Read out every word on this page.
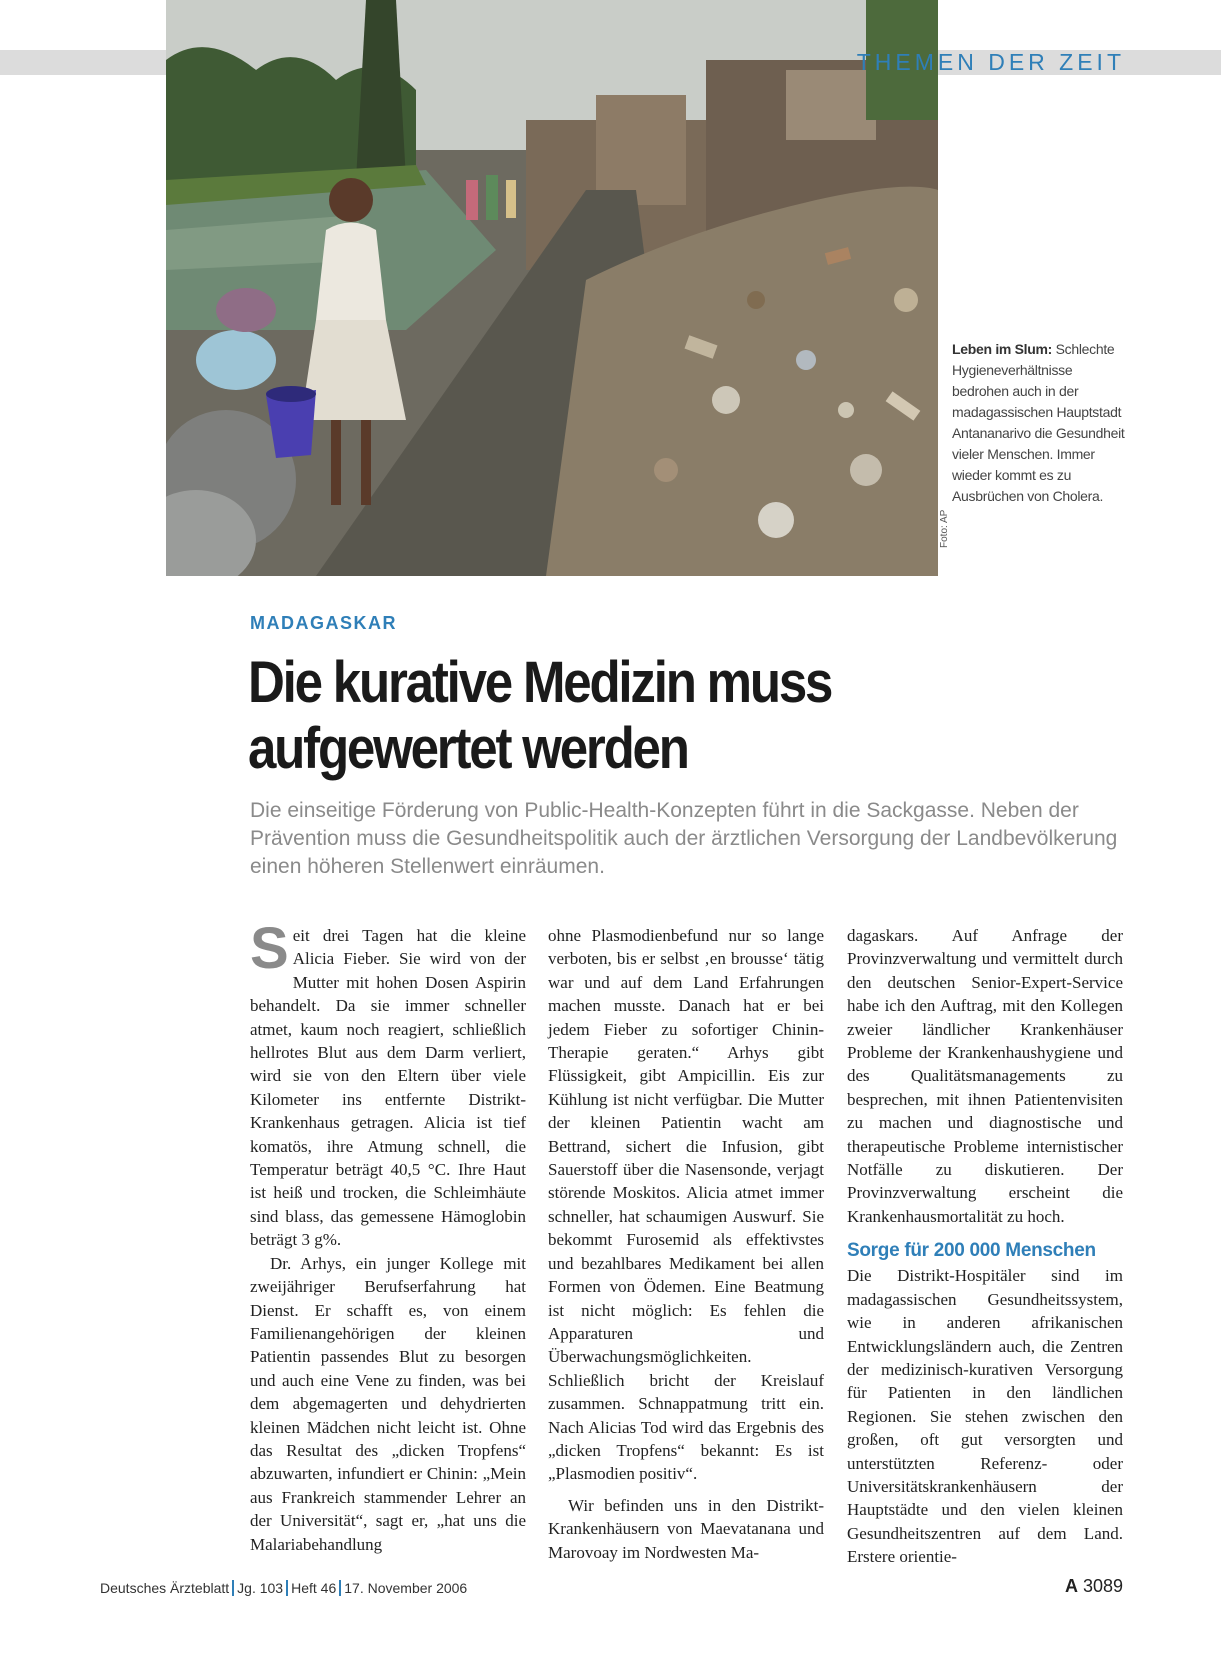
THEMEN DER ZEIT
Foto: AP
Leben im Slum: Schlechte Hygieneverhältnisse bedrohen auch in der madagassischen Hauptstadt Antananarivo die Gesundheit vieler Menschen. Immer wieder kommt es zu Ausbrüchen von Cholera.
MADAGASKAR
Die kurative Medizin muss aufgewertet werden
Die einseitige Förderung von Public-Health-Konzepten führt in die Sackgasse. Neben der Prävention muss die Gesundheitspolitik auch der ärztlichen Versorgung der Landbevölkerung einen höheren Stellenwert einräumen.

Seit drei Tagen hat die kleine Alicia Fieber. Sie wird von der Mutter mit hohen Dosen Aspirin behandelt. Da sie immer schneller atmet, kaum noch reagiert, schließlich hellrotes Blut aus dem Darm verliert, wird sie von den Eltern über viele Kilometer ins entfernte Distrikt-Krankenhaus getragen. Alicia ist tief komatös, ihre Atmung schnell, die Temperatur beträgt 40,5 °C. Ihre Haut ist heiß und trocken, die Schleimhäute sind blass, das gemessene Hämoglobin beträgt 3 g%.

Dr. Arhys, ein junger Kollege mit zweijähriger Berufserfahrung hat Dienst. Er schafft es, von einem Familienangehörigen der kleinen Patientin passendes Blut zu besorgen und auch eine Vene zu finden, was bei dem abgemagerten und dehydrierten kleinen Mädchen nicht leicht ist. Ohne das Resultat des „dicken Tropfens“ abzuwarten, infundiert er Chinin: „Mein aus Frankreich stammender Lehrer an der Universität“, sagt er, „hat uns die Malariabehandlung

ohne Plasmodienbefund nur so lange verboten, bis er selbst ‚en brousse‘ tätig war und auf dem Land Erfahrungen machen musste. Danach hat er bei jedem Fieber zu sofortiger Chinin-Therapie geraten.“ Arhys gibt Flüssigkeit, gibt Ampicillin. Eis zur Kühlung ist nicht verfügbar. Die Mutter der kleinen Patientin wacht am Bettrand, sichert die Infusion, gibt Sauerstoff über die Nasensonde, verjagt störende Moskitos. Alicia atmet immer schneller, hat schaumigen Auswurf. Sie bekommt Furosemid als effektivstes und bezahlbares Medikament bei allen Formen von Ödemen. Eine Beatmung ist nicht möglich: Es fehlen die Apparaturen und Überwachungsmöglichkeiten. Schließlich bricht der Kreislauf zusammen. Schnappatmung tritt ein. Nach Alicias Tod wird das Ergebnis des „dicken Tropfens“ bekannt: Es ist „Plasmodien positiv“.

Wir befinden uns in den Distrikt-Krankenhäusern von Maevatanana und Marovoay im Nordwesten Ma-

dagaskars. Auf Anfrage der Provinzverwaltung und vermittelt durch den deutschen Senior-Expert-Service habe ich den Auftrag, mit den Kollegen zweier ländlicher Krankenhäuser Probleme der Krankenhaushygiene und des Qualitätsmanagements zu besprechen, mit ihnen Patientenvisiten zu machen und diagnostische und therapeutische Probleme internistischer Notfälle zu diskutieren. Der Provinzverwaltung erscheint die Krankenhausmortalität zu hoch.

Sorge für 200 000 Menschen

Die Distrikt-Hospitäler sind im madagassischen Gesundheitssystem, wie in anderen afrikanischen Entwicklungsländern auch, die Zentren der medizinisch-kurativen Versorgung für Patienten in den ländlichen Regionen. Sie stehen zwischen den großen, oft gut versorgten und unterstützten Referenz- oder Universitätskrankenhäusern der Hauptstädte und den vielen kleinen Gesundheitszentren auf dem Land. Erstere orientie-

Deutsches Ärzteblatt Jg. 103 Heft 46 17. November 2006	A 3089
